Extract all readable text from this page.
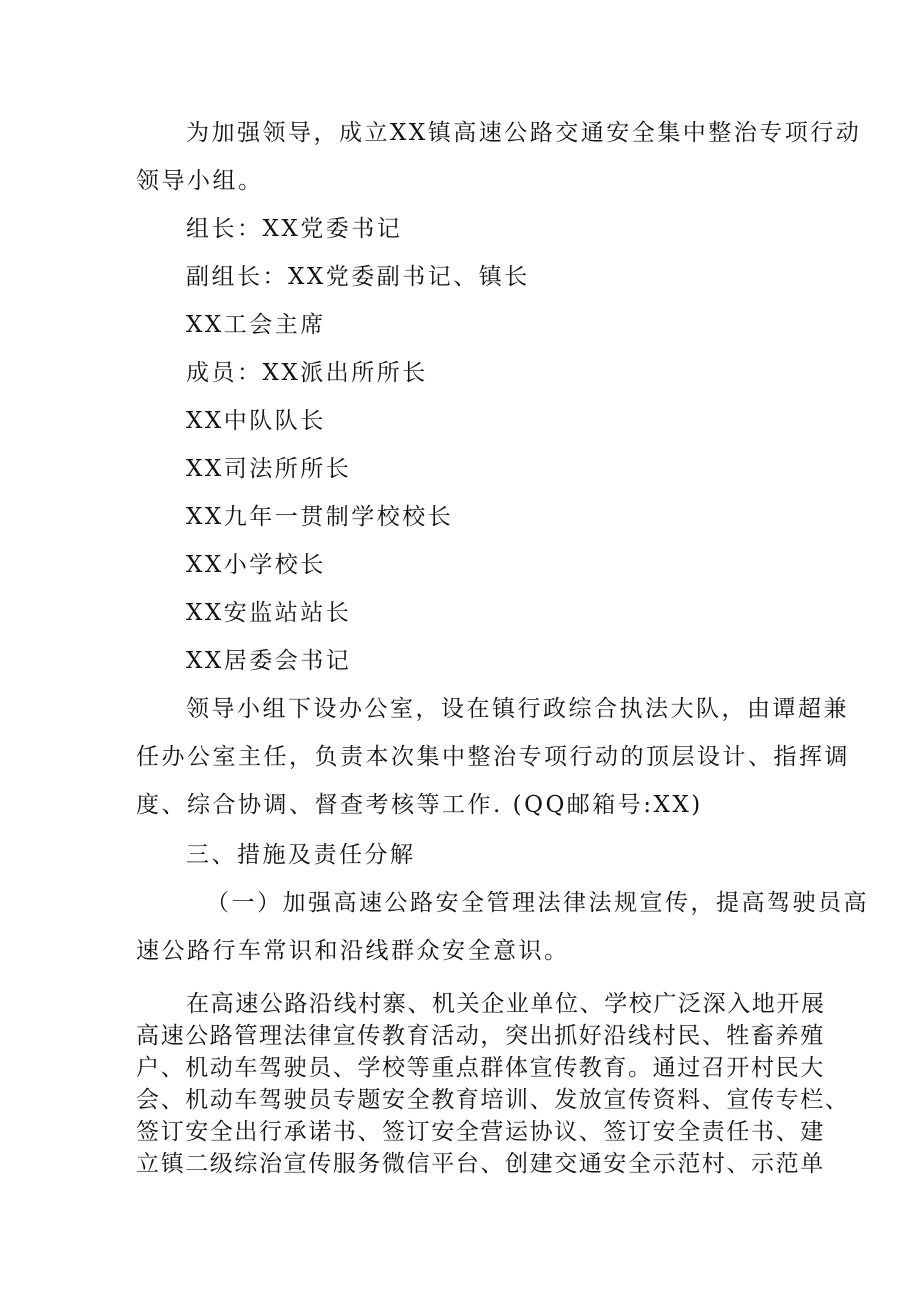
为加强领导，成立XX镇高速公路交通安全集中整治专项行动
领导小组。
组长：XX党委书记
副组长：XX党委副书记、镇长
XX工会主席
成员：XX派出所所长
XX中队队长
XX司法所所长
XX九年一贯制学校校长
XX小学校长
XX安监站站长
XX居委会书记
领导小组下设办公室，设在镇行政综合执法大队，由谭超兼
任办公室主任，负责本次集中整治专项行动的顶层设计、指挥调
度、综合协调、督查考核等工作. (QQ邮箱号:XX)
三、措施及责任分解
（一）加强高速公路安全管理法律法规宣传，提高驾驶员高
速公路行车常识和沿线群众安全意识。
在高速公路沿线村寨、机关企业单位、学校广泛深入地开展
高速公路管理法律宣传教育活动，突出抓好沿线村民、牲畜养殖
户、机动车驾驶员、学校等重点群体宣传教育。通过召开村民大
会、机动车驾驶员专题安全教育培训、发放宣传资料、宣传专栏、
签订安全出行承诺书、签订安全营运协议、签订安全责任书、建
立镇二级综治宣传服务微信平台、创建交通安全示范村、示范单
